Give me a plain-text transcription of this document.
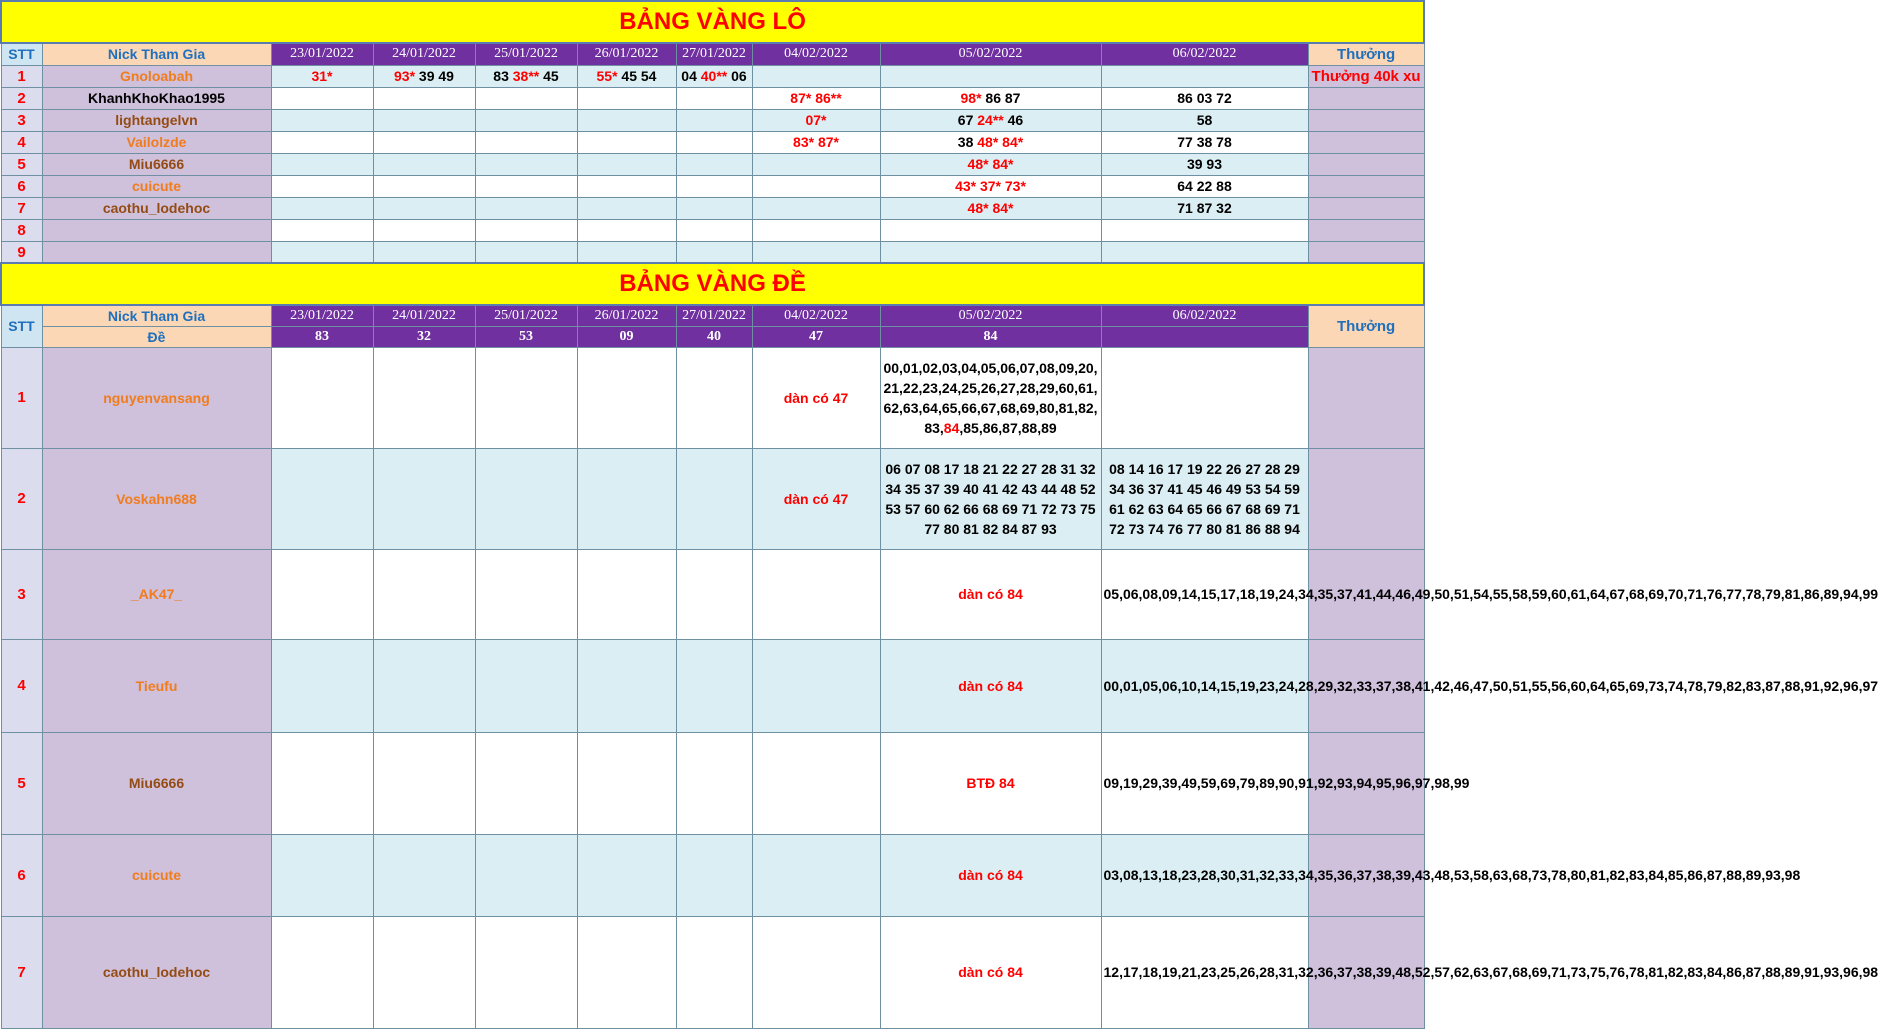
BẢNG VÀNG LÔ										
STT	Nick Tham Gia	23/01/2022	24/01/2022	25/01/2022	26/01/2022	27/01/2022	04/02/2022	05/02/2022	06/02/2022	Thưởng
1	Gnoloabah	31*	93* 39 49	83 38** 45	55* 45 54	04 40** 06				Thưởng 40k xu
2	KhanhKhoKhao1995						87* 86**	98* 86 87	86 03 72	
3	lightangelvn						07*	67 24** 46	58	
4	Vailolzde						83* 87*	38 48* 84*	77 38 78	
5	Miu6666							48* 84*	39 93	
6	cuicute							43* 37* 73*	64 22 88	
7	caothu_lodehoc							48* 84*	71 87 32	
8										
9										
BẢNG VÀNG ĐỀ										
STT	Nick Tham Gia	23/01/2022	24/01/2022	25/01/2022	26/01/2022	27/01/2022	04/02/2022	05/02/2022	06/02/2022	Thưởng
	Đề	83	32	53	09	40	47	84		
1	nguyenvansang						dàn có 47	00,01,02,03,04,05,06,07,08,09,20,21,22,23,24,25,26,27,28,29,60,61,62,63,64,65,66,67,68,69,80,81,82,83,84,85,86,87,88,89		
2	Voskahn688						dàn có 47	06 07 08 17 18 21 22 27 28 31 32 34 35 37 39 40 41 42 43 44 48 52 53 57 60 62 66 68 69 71 72 73 75 77 80 81 82 84 87 93	08 14 16 17 19 22 26 27 28 29 34 36 37 41 45 46 49 53 54 59 61 62 63 64 65 66 67 68 69 71 72 73 74 76 77 80 81 86 88 94	
3	_AK47_							dàn có 84	05,06,08,09,14,15,17,18,19,24,34,35,37,41,44,46,49,50,51,54,55,58,59,60,61,64,67,68,69,70,71,76,77,78,79,81,86,89,94,99	
4	Tieufu							dàn có 84	00,01,05,06,10,14,15,19,23,24,28,29,32,33,37,38,41,42,46,47,50,51,55,56,60,64,65,69,73,74,78,79,82,83,87,88,91,92,96,97	
5	Miu6666							BTĐ 84	09,19,29,39,49,59,69,79,89,90,91,92,93,94,95,96,97,98,99	
6	cuicute							dàn có 84	03,08,13,18,23,28,30,31,32,33,34,35,36,37,38,39,43,48,53,58,63,68,73,78,80,81,82,83,84,85,86,87,88,89,93,98	
7	caothu_lodehoc							dàn có 84	12,17,18,19,21,23,25,26,28,31,32,36,37,38,39,48,52,57,62,63,67,68,69,71,73,75,76,78,81,82,83,84,86,87,88,89,91,93,96,98	
